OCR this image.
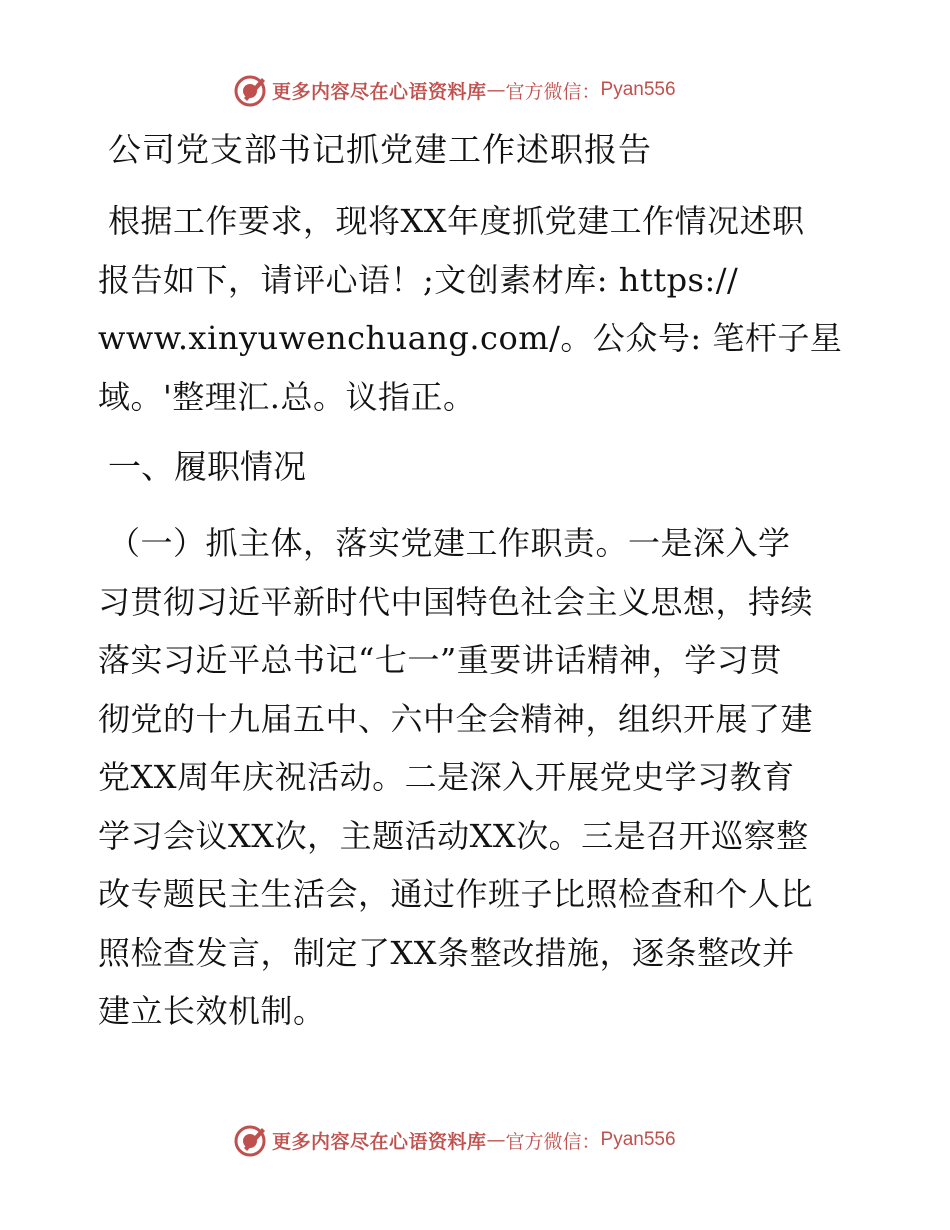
更多内容尽在心语资料库 — 官方微信： Pyan556
公司党支部书记抓党建工作述职报告
根据工作要求，现将XX年度抓党建工作情况述职
报告如下，请评心语！;文创素材库: https://
www.xinyuwenchuang.com/。公众号: 笔杆子星
域。'整理汇.总。议指正。
一、履职情况
（一）抓主体，落实党建工作职责。一是深入学
习贯彻习近平新时代中国特色社会主义思想，持续
落实习近平总书记“七一”重要讲话精神，学习贯
彻党的十九届五中、六中全会精神，组织开展了建
党XX周年庆祝活动。二是深入开展党史学习教育
学习会议XX次，主题活动XX次。三是召开巡察整
改专题民主生活会，通过作班子比照检查和个人比
照检查发言，制定了XX条整改措施，逐条整改并
建立长效机制。
更多内容尽在心语资料库 — 官方微信： Pyan556
